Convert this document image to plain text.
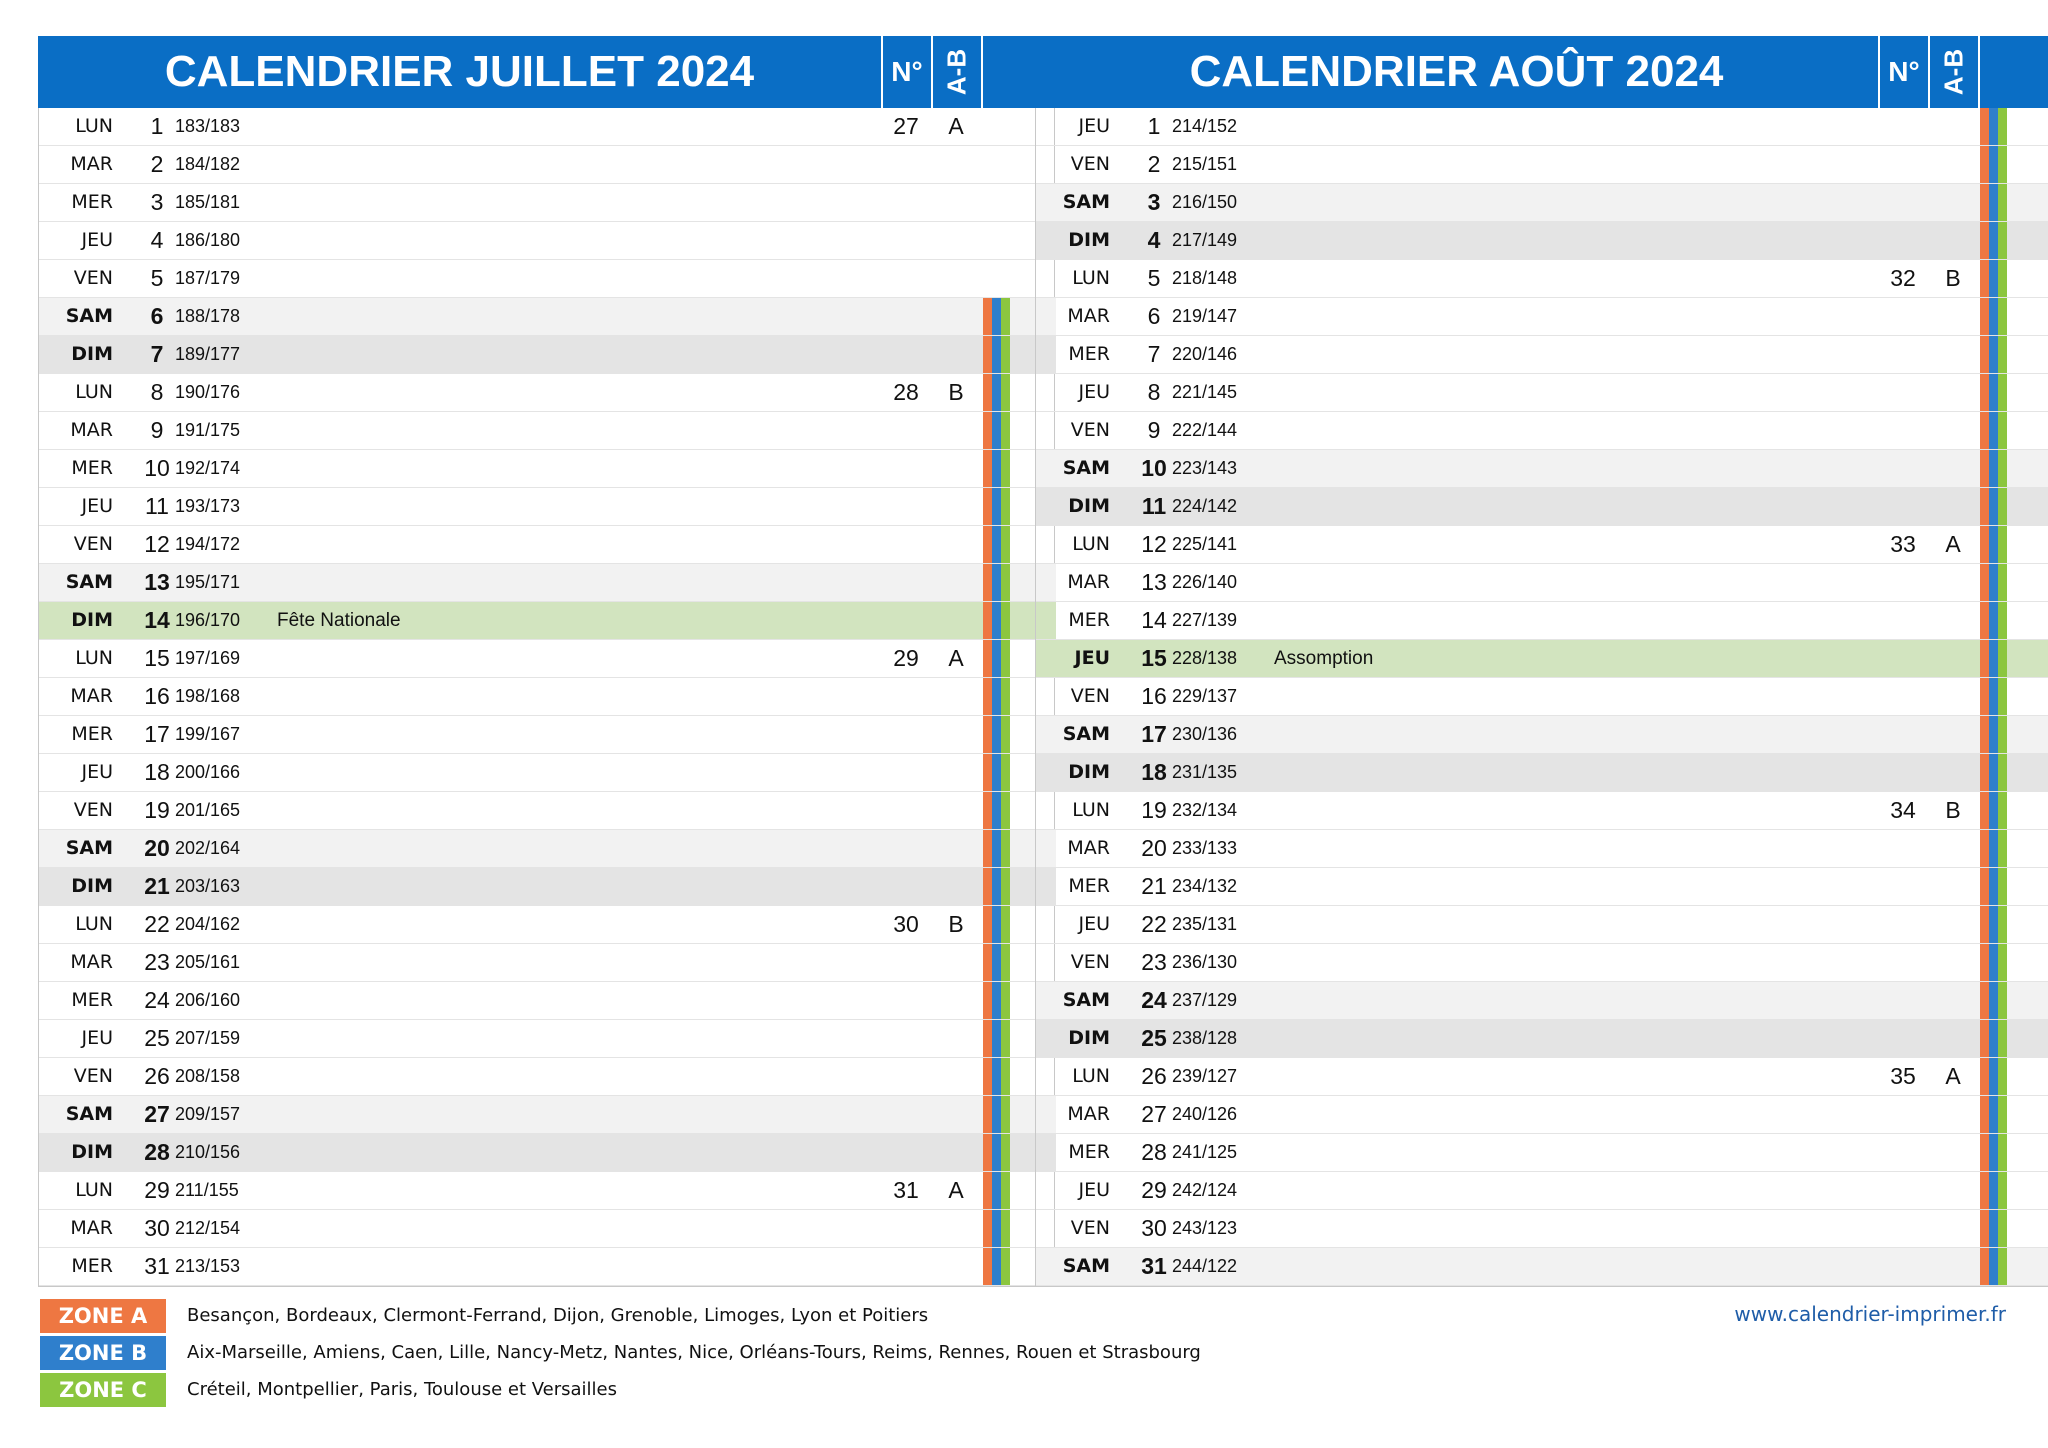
CALENDRIER JUILLET 2024	N° A-B
LUN	1 183/183	27	A
MAR	2 184/182
MER	3 185/181
JEU	4 186/180
VEN	5 187/179
SAM	6 188/178
DIM	7 189/177
LUN	8 190/176	28	B
MAR	9 191/175
MER	10 192/174
JEU	11 193/173
VEN	12 194/172
SAM	13 195/171
DIM	14 196/170	Fête Nationale
LUN	15 197/169	29	A
MAR	16 198/168
MER	17 199/167
JEU	18 200/166
VEN	19 201/165
SAM	20 202/164
DIM	21 203/163
LUN	22 204/162	30	B
MAR	23 205/161
MER	24 206/160
JEU	25 207/159
VEN	26 208/158
SAM	27 209/157
DIM	28 210/156
LUN	29 211/155	31	A
MAR	30 212/154
MER	31 213/153
CALENDRIER AOÛT 2024	N° A-B
JEU	1 214/152
VEN	2 215/151
SAM	3 216/150
DIM	4 217/149
LUN	5 218/148	32	B
MAR	6 219/147
MER	7 220/146
JEU	8 221/145
VEN	9 222/144
SAM	10 223/143
DIM	11 224/142
LUN	12 225/141	33	A
MAR	13 226/140
MER	14 227/139
JEU	15 228/138	Assomption
VEN	16 229/137
SAM	17 230/136
DIM	18 231/135
LUN	19 232/134	34	B
MAR	20 233/133
MER	21 234/132
JEU	22 235/131
VEN	23 236/130
SAM	24 237/129
DIM	25 238/128
LUN	26 239/127	35	A
MAR	27 240/126
MER	28 241/125
JEU	29 242/124
VEN	30 243/123
SAM	31 244/122
ZONE A	Besançon, Bordeaux, Clermont-Ferrand, Dijon, Grenoble, Limoges, Lyon et Poitiers
ZONE B	Aix-Marseille, Amiens, Caen, Lille, Nancy-Metz, Nantes, Nice, Orléans-Tours, Reims, Rennes, Rouen et Strasbourg
ZONE C	Créteil, Montpellier, Paris, Toulouse et Versailles
www.calendrier-imprimer.fr
